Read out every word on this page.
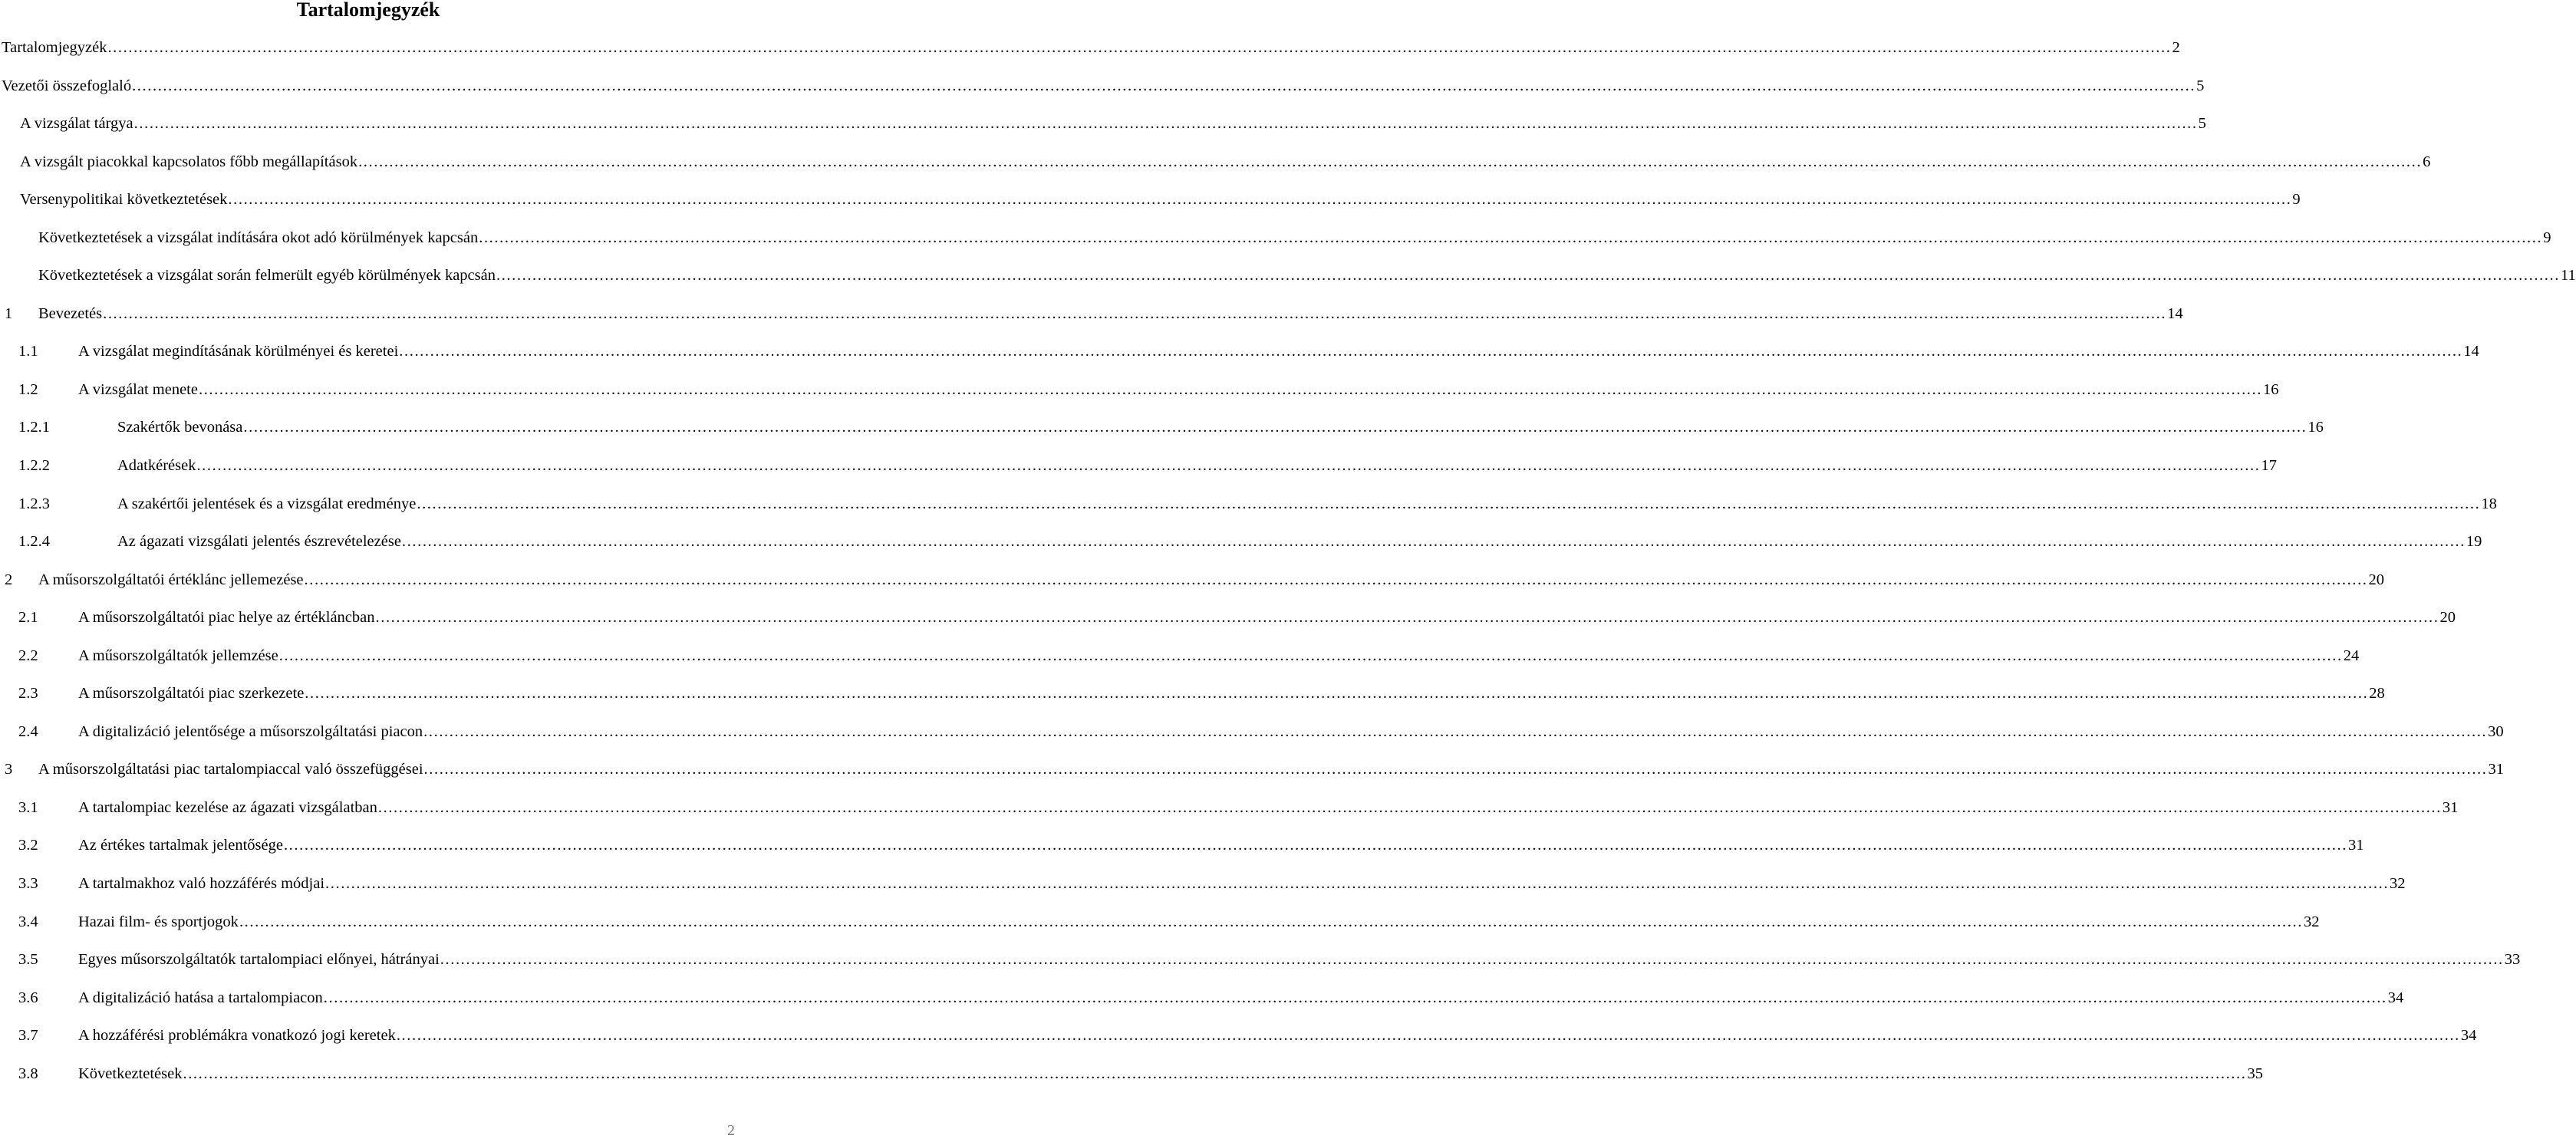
Tartalomjegyzék
Tartalomjegyzék ................................................................................................................................................................................................................................................................................................................................................................................................................ 2
Vezetői összefoglaló ................................................................................................................................................................................................................................................................................................................................................................................................................ 5
A vizsgálat tárgya ................................................................................................................................................................................................................................................................................................................................................................................................................ 5
A vizsgált piacokkal kapcsolatos főbb megállapítások ................................................................................................................................................................................................................................................................................................................................................................................................................ 6
Versenypolitikai következtetések ................................................................................................................................................................................................................................................................................................................................................................................................................ 9
Következtetések a vizsgálat indítására okot adó körülmények kapcsán ................................................................................................................................................................................................................................................................................................................................................................................................................ 9
Következtetések a vizsgálat során felmerült egyéb körülmények kapcsán ................................................................................................................................................................................................................................................................................................................................................................................................................ 11
1 Bevezetés ................................................................................................................................................................................................................................................................................................................................................................................................................ 14
1.1	A vizsgálat megindításának körülményei és keretei ................................................................................................................................................................................................................................................................................................................................................................................................................ 14
1.2	A vizsgálat menete ................................................................................................................................................................................................................................................................................................................................................................................................................ 16
1.2.1	Szakértők bevonása ................................................................................................................................................................................................................................................................................................................................................................................................................ 16
1.2.2	Adatkérések ................................................................................................................................................................................................................................................................................................................................................................................................................ 17
1.2.3	A szakértői jelentések és a vizsgálat eredménye ................................................................................................................................................................................................................................................................................................................................................................................................................ 18
1.2.4	Az ágazati vizsgálati jelentés észrevételezése ................................................................................................................................................................................................................................................................................................................................................................................................................ 19
2 A műsorszolgáltatói értéklánc jellemezése ................................................................................................................................................................................................................................................................................................................................................................................................................ 20
2.1	A műsorszolgáltatói piac helye az értékláncban ................................................................................................................................................................................................................................................................................................................................................................................................................ 20
2.2	A műsorszolgáltatók jellemzése ................................................................................................................................................................................................................................................................................................................................................................................................................ 24
2.3	A műsorszolgáltatói piac szerkezete ................................................................................................................................................................................................................................................................................................................................................................................................................ 28
2.4	A digitalizáció jelentősége a műsorszolgáltatási piacon ................................................................................................................................................................................................................................................................................................................................................................................................................ 30
3 A műsorszolgáltatási piac tartalompiaccal való összefüggései ................................................................................................................................................................................................................................................................................................................................................................................................................ 31
3.1	A tartalompiac kezelése az ágazati vizsgálatban ................................................................................................................................................................................................................................................................................................................................................................................................................ 31
3.2	Az értékes tartalmak jelentősége ................................................................................................................................................................................................................................................................................................................................................................................................................ 31
3.3	A tartalmakhoz való hozzáférés módjai ................................................................................................................................................................................................................................................................................................................................................................................................................ 32
3.4	Hazai film- és sportjogok ................................................................................................................................................................................................................................................................................................................................................................................................................ 32
3.5	Egyes műsorszolgáltatók tartalompiaci előnyei, hátrányai ................................................................................................................................................................................................................................................................................................................................................................................................................ 33
3.6	A digitalizáció hatása a tartalompiacon ................................................................................................................................................................................................................................................................................................................................................................................................................ 34
3.7	A hozzáférési problémákra vonatkozó jogi keretek ................................................................................................................................................................................................................................................................................................................................................................................................................ 34
3.8	Következtetések ................................................................................................................................................................................................................................................................................................................................................................................................................ 35
2
